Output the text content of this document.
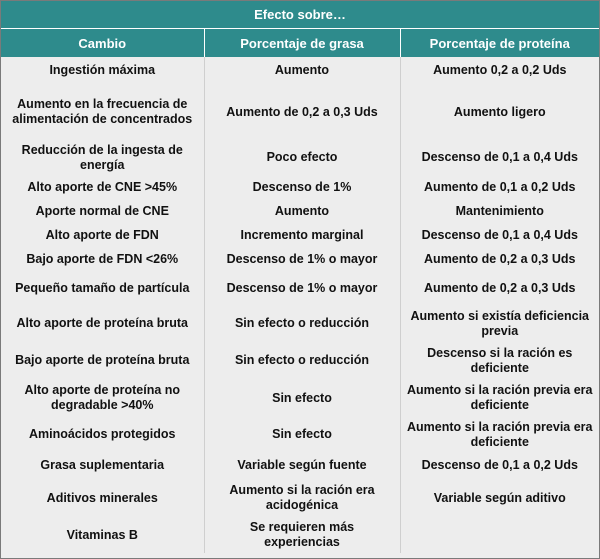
Efecto sobre…
Cambio	Porcentaje de grasa	Porcentaje de proteína
Ingestión máxima	Aumento	Aumento 0,2 a 0,2 Uds
Aumento en la frecuencia de alimentación de concentrados	Aumento de 0,2 a 0,3 Uds	Aumento ligero
Reducción de la ingesta de energía	Poco efecto	Descenso de 0,1 a 0,4 Uds
Alto aporte de CNE >45%	Descenso de 1%	Aumento de 0,1 a 0,2 Uds
Aporte normal de CNE	Aumento	Mantenimiento
Alto aporte de FDN	Incremento marginal	Descenso de 0,1 a 0,4 Uds
Bajo aporte de FDN <26%	Descenso de 1% o mayor	Aumento de 0,2 a 0,3 Uds
Pequeño tamaño de partícula	Descenso de 1% o mayor	Aumento de 0,2 a 0,3 Uds
Alto aporte de proteína bruta	Sin efecto o reducción	Aumento si existía deficiencia previa
Bajo aporte de proteína bruta	Sin efecto o reducción	Descenso si la ración es deficiente
Alto aporte de proteína no degradable >40%	Sin efecto	Aumento si la ración previa era deficiente
Aminoácidos protegidos	Sin efecto	Aumento si la ración previa era deficiente
Grasa suplementaria	Variable según fuente	Descenso de 0,1 a 0,2 Uds
Aditivos minerales	Aumento si la ración era acidogénica	Variable según aditivo
Vitaminas B	Se requieren más experiencias	
